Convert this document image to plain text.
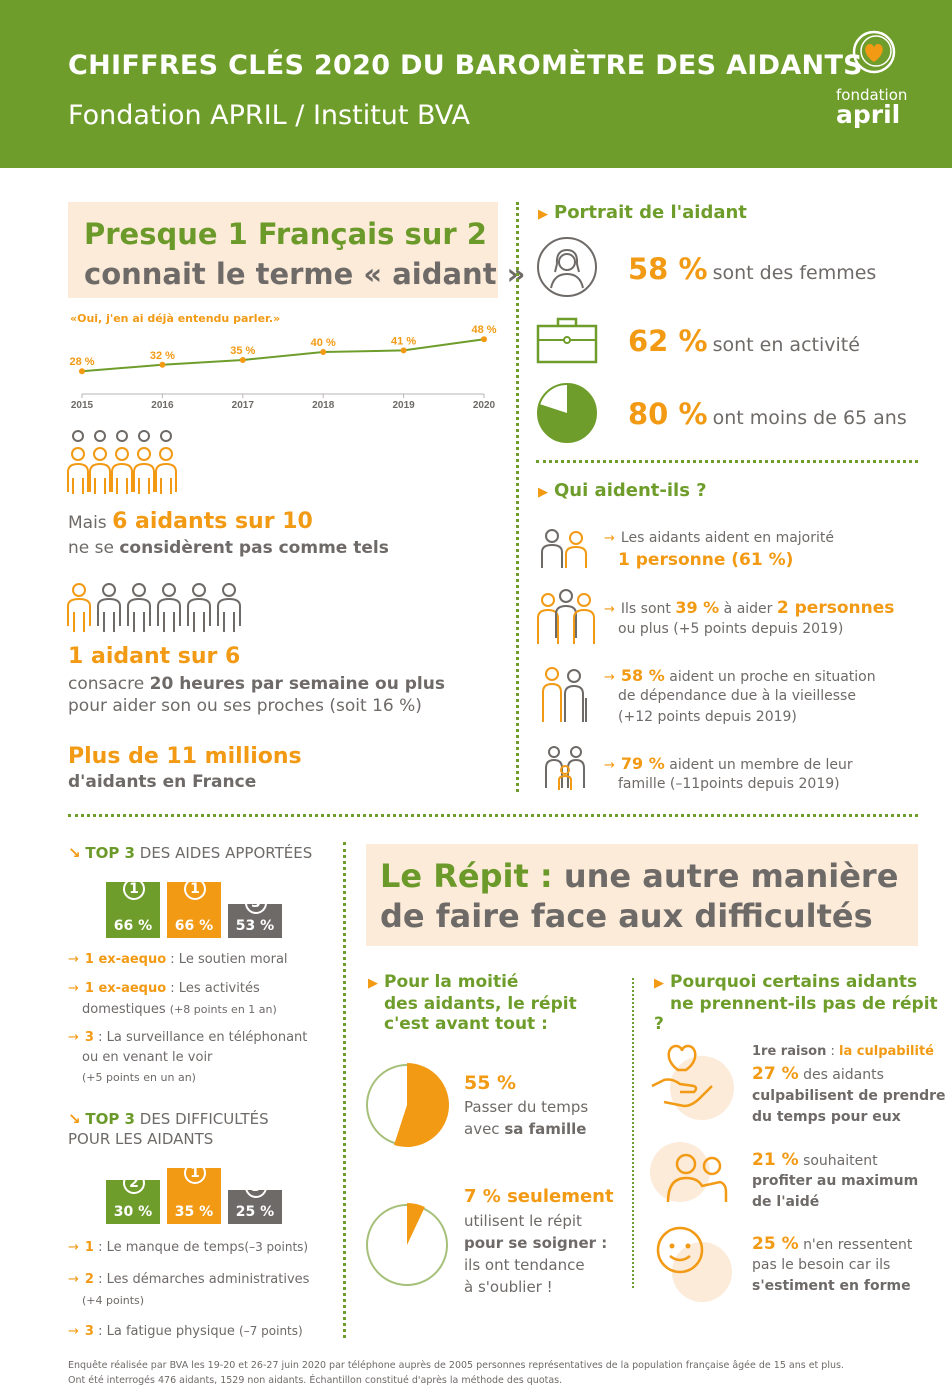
CHIFFRES CLÉS 2020 DU BAROMÈTRE DES AIDANTS
Fondation APRIL / Institut BVA
fondation
april
Presque 1 Français sur 2
connait le terme « aidant »
«Oui, j'en ai déjà entendu parler.»
28 %
2015
32 %
2016
35 %
2017
40 %
2018
41 %
2019
48 %
2020
Mais 6 aidants sur 10
ne se considèrent pas comme tels
1 aidant sur 6
consacre 20 heures par semaine ou plus
pour aider son ou ses proches (soit 16 %)
Plus de 11 millions
d'aidants en France
▶ Portrait de l'aidant
58 % sont des femmes
62 % sont en activité
80 % ont moins de 65 ans
▶ Qui aident-ils ?
→ Les aidants aident en majorité
1 personne (61 %)
→ Ils sont 39 % à aider 2 personnes
ou plus (+5 points depuis 2019)
→ 58 % aident un proche en situation
de dépendance due à la vieillesse
(+12 points depuis 2019)
→ 79 % aident un membre de leur
famille (–11points depuis 2019)
↘ TOP 3 DES AIDES APPORTÉES
66 %	66 %	53 %
1	1
3
→ 1 ex-aequo : Le soutien moral
→ 1 ex-aequo : Les activités
domestiques (+8 points en 1 an)
→ 3 : La surveillance en téléphonant
ou en venant le voir
(+5 points en un an)
↘ TOP 3 DES DIFFICULTÉS
POUR LES AIDANTS
30 %	35 %	25 %
2
1
3
→ 1 : Le manque de temps(–3 points)
→ 2 : Les démarches administratives
(+4 points)
→ 3 : La fatigue physique (–7 points)
Le Répit : une autre manière
de faire face aux difficultés
▶ Pour la moitié
des aidants, le répit
c'est avant tout :
55 %
Passer du temps
avec sa famille
7 % seulement
utilisent le répit
pour se soigner :
ils ont tendance
à s'oublier !
▶ Pourquoi certains aidants
ne prennent-ils pas de répit ?
1re raison : la culpabilité
27 % des aidants
culpabilisent de prendre
du temps pour eux
21 % souhaitent
profiter au maximum
de l'aidé
25 % n'en ressentent
pas le besoin car ils
s'estiment en forme
Enquête réalisée par BVA les 19-20 et 26-27 juin 2020 par téléphone auprès de 2005 personnes représentatives de la population française âgée de 15 ans et plus.
Ont été interrogés 476 aidants, 1529 non aidants. Échantillon constitué d'après la méthode des quotas.
